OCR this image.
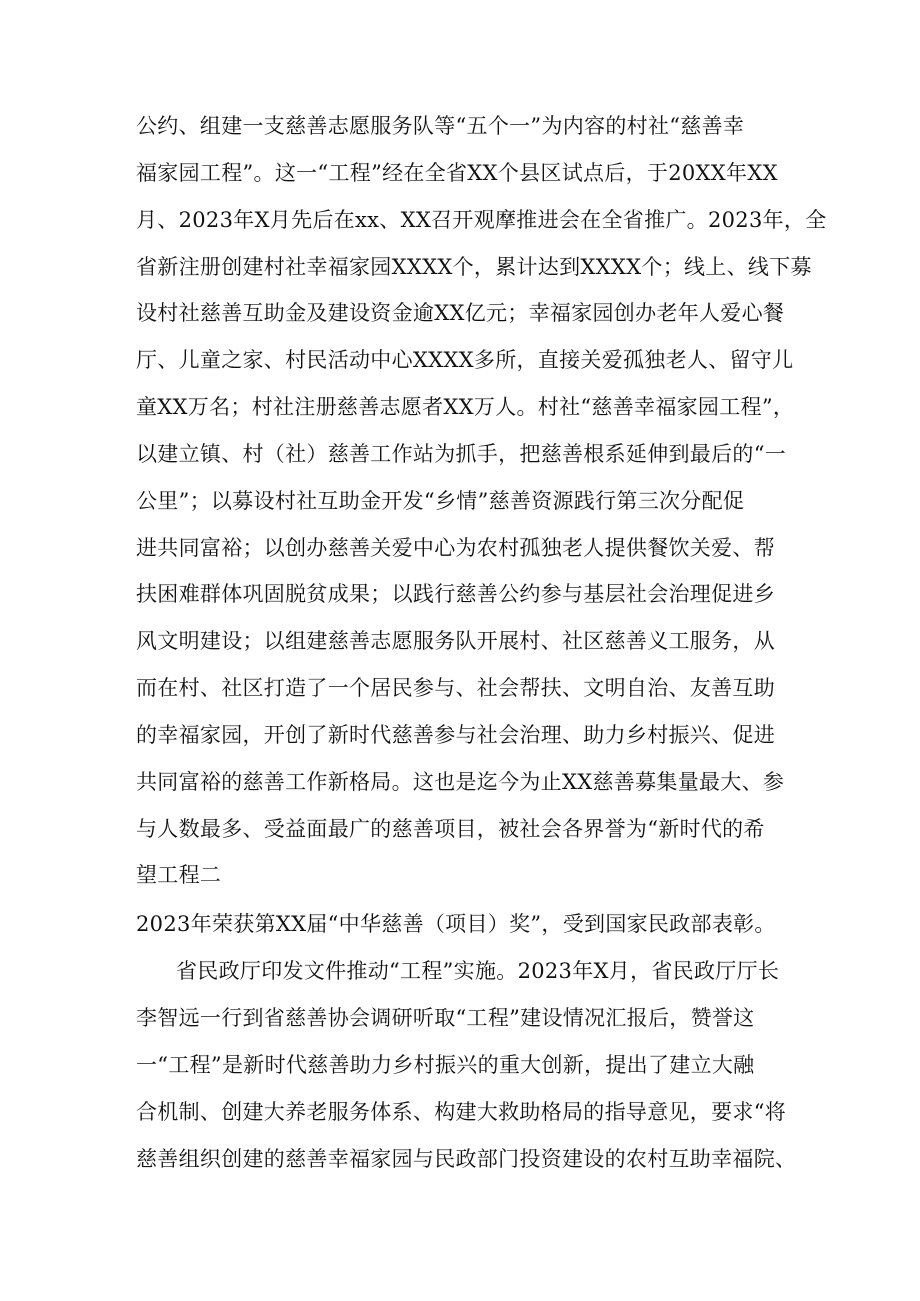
公约、组建一支慈善志愿服务队等“五个一”为内容的村社“慈善幸
福家园工程”。这一“工程”经在全省XX个县区试点后，于20XX年XX
月、2023年X月先后在xx、XX召开观摩推进会在全省推广。2023年，全
省新注册创建村社幸福家园XXXX个，累计达到XXXX个；线上、线下募
设村社慈善互助金及建设资金逾XX亿元；幸福家园创办老年人爱心餐
厅、儿童之家、村民活动中心XXXX多所，直接关爱孤独老人、留守儿
童XX万名；村社注册慈善志愿者XX万人。村社“慈善幸福家园工程”，
以建立镇、村（社）慈善工作站为抓手，把慈善根系延伸到最后的“一
公里”；以募设村社互助金开发“乡情”慈善资源践行第三次分配促
进共同富裕；以创办慈善关爱中心为农村孤独老人提供餐饮关爱、帮
扶困难群体巩固脱贫成果；以践行慈善公约参与基层社会治理促进乡
风文明建设；以组建慈善志愿服务队开展村、社区慈善义工服务，从
而在村、社区打造了一个居民参与、社会帮扶、文明自治、友善互助
的幸福家园，开创了新时代慈善参与社会治理、助力乡村振兴、促进
共同富裕的慈善工作新格局。这也是迄今为止XX慈善募集量最大、参
与人数最多、受益面最广的慈善项目，被社会各界誉为“新时代的希
望工程二
2023年荣获第XX届“中华慈善（项目）奖”，受到国家民政部表彰。
省民政厅印发文件推动“工程”实施。2023年X月，省民政厅厅长
李智远一行到省慈善协会调研听取“工程”建设情况汇报后，赞誉这
一“工程”是新时代慈善助力乡村振兴的重大创新，提出了建立大融
合机制、创建大养老服务体系、构建大救助格局的指导意见，要求“将
慈善组织创建的慈善幸福家园与民政部门投资建设的农村互助幸福院、
